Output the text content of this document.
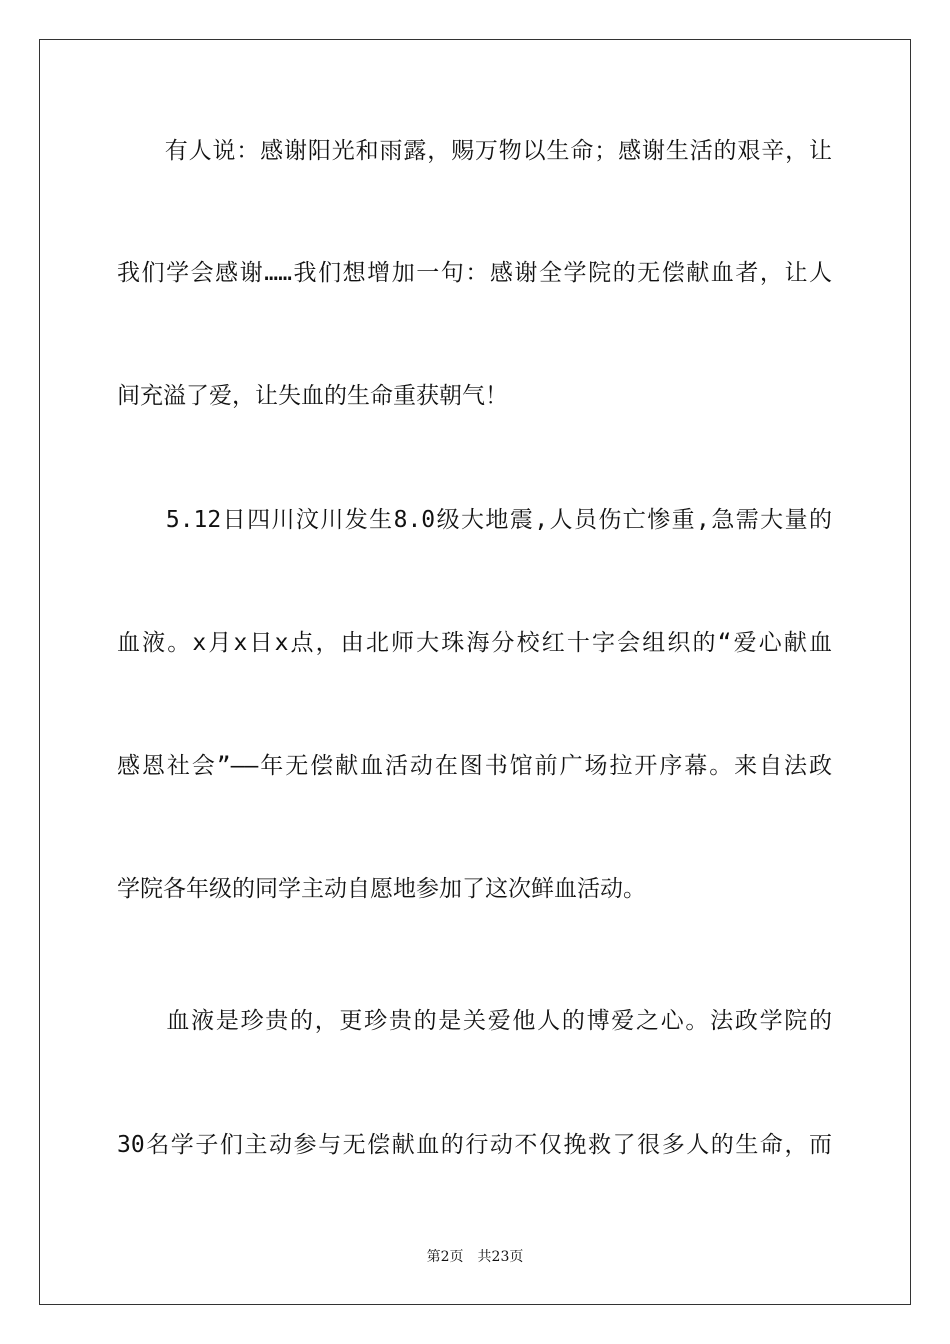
　　有人说：感谢阳光和雨露，赐万物以生命；感谢生活的艰辛，让
我们学会感谢……我们想增加一句：感谢全学院的无偿献血者，让人
间充溢了爱，让失血的生命重获朝气！
　　5.12日四川汶川发生8.0级大地震,人员伤亡惨重,急需大量的
血液。x月x日x点，由北师大珠海分校红十字会组织的“爱心献血
感恩社会”——年无偿献血活动在图书馆前广场拉开序幕。来自法政
学院各年级的同学主动自愿地参加了这次鲜血活动。
　　血液是珍贵的，更珍贵的是关爱他人的博爱之心。法政学院的
30名学子们主动参与无偿献血的行动不仅挽救了很多人的生命，而
第2页　共23页
